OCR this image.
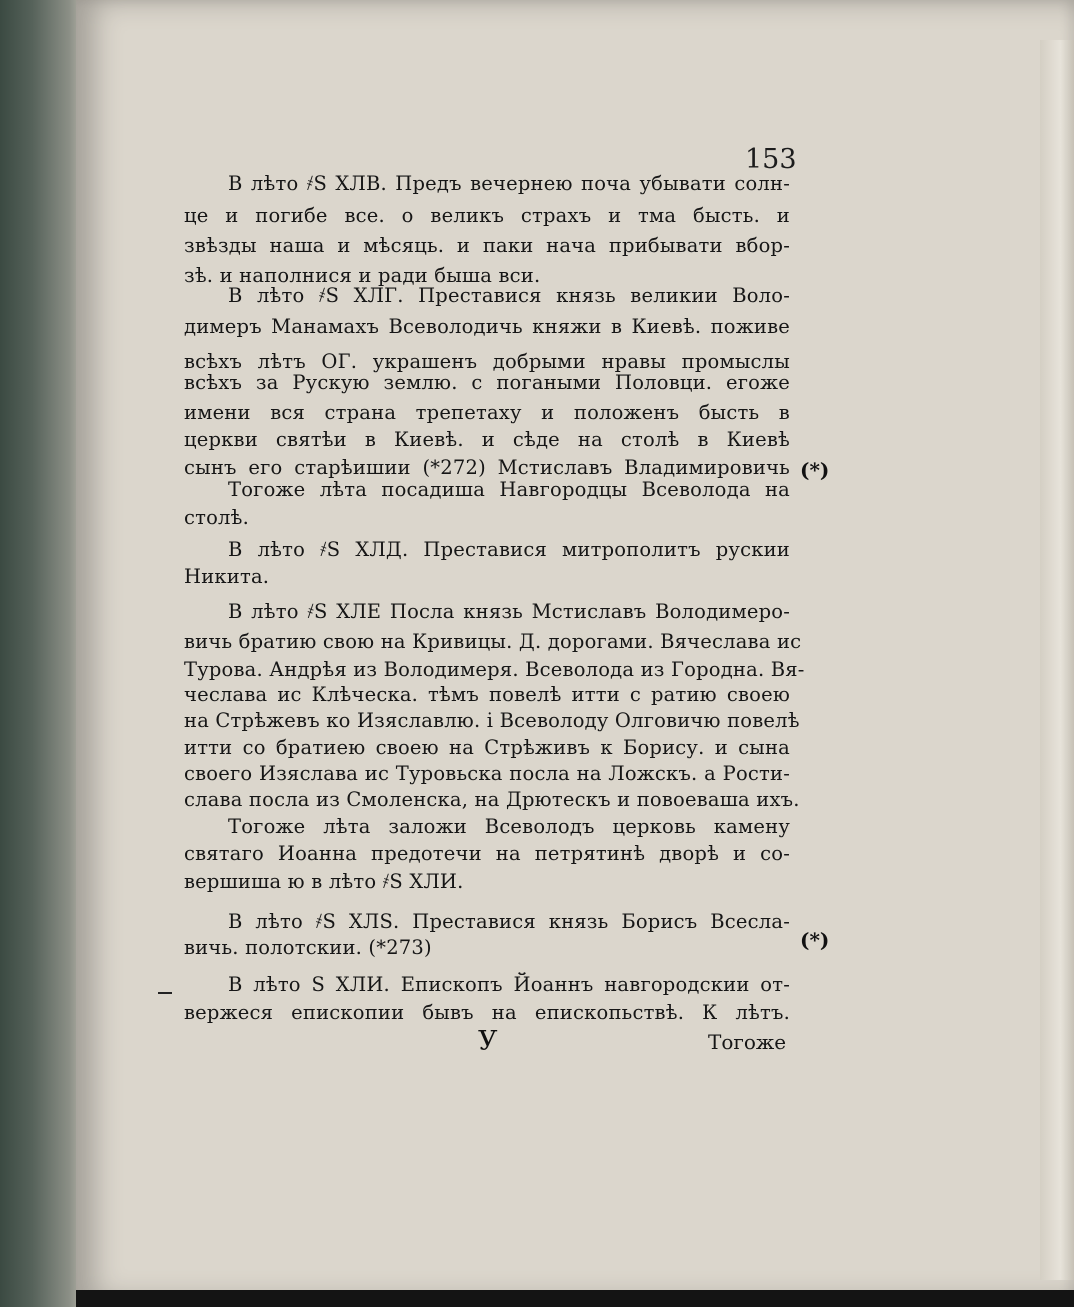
153
В лѣто ҂Ѕ ХЛВ. Предъ вечернею поча убывати солн-
це и погибе все. о великъ страхъ и тма бысть. и
звѣзды наша и мѣсяць. и паки нача прибывати вбор-
зѣ. и наполнися и ради быша вси.
В лѣто ҂Ѕ ХЛГ. Преставися князь великии Воло-
димеръ Манамахъ Всеволодичь княжи в Киевѣ. поживе
всѣхъ лѣтъ ОГ. украшенъ добрыми нравы промыслы
всѣхъ за Рускую землю. с погаными Половци. егоже
имени вся страна трепетаху и положенъ бысть в
церкви святѣи в Киевѣ. и сѣде на столѣ в Киевѣ
сынъ его старѣишии (*272) Мстиславъ Владимировичь
Тогоже лѣта посадиша Навгородцы Всеволода на
столѣ.
В лѣто ҂Ѕ ХЛД. Преставися митрополитъ рускии
Никита.
В лѣто ҂Ѕ ХЛЕ Посла князь Мстиславъ Володимеро-
вичь братию свою на Кривицы. Д. дорогами. Вячеслава ис
Турова. Андрѣя из Володимеря. Всеволода из Городна. Вя-
чеслава ис Клѣческа. тѣмъ повелѣ итти с ратию своею
на Стрѣжевъ ко Изяславлю. і Всеволоду Олговичю повелѣ
итти со братиею своею на Стрѣживъ к Борису. и сына
своего Изяслава ис Туровьска посла на Ложскъ. а Рости-
слава посла из Смоленска, на Дрютескъ и повоеваша ихъ.
Тогоже лѣта заложи Всеволодъ церковь камену
святаго Иоанна предотечи на петрятинѣ дворѣ и со-
вершиша ю в лѣто ҂Ѕ ХЛИ.
В лѣто ҂Ѕ ХЛЅ. Преставися князь Борисъ Всесла-
вичь. полотскии. (*273)
В лѣто Ѕ ХЛИ. Епископъ Йоаннъ навгородскии от-
вержеся епископии бывъ на епископьствѣ. К лѣтъ.
(*)
(*)
У	Тогоже
